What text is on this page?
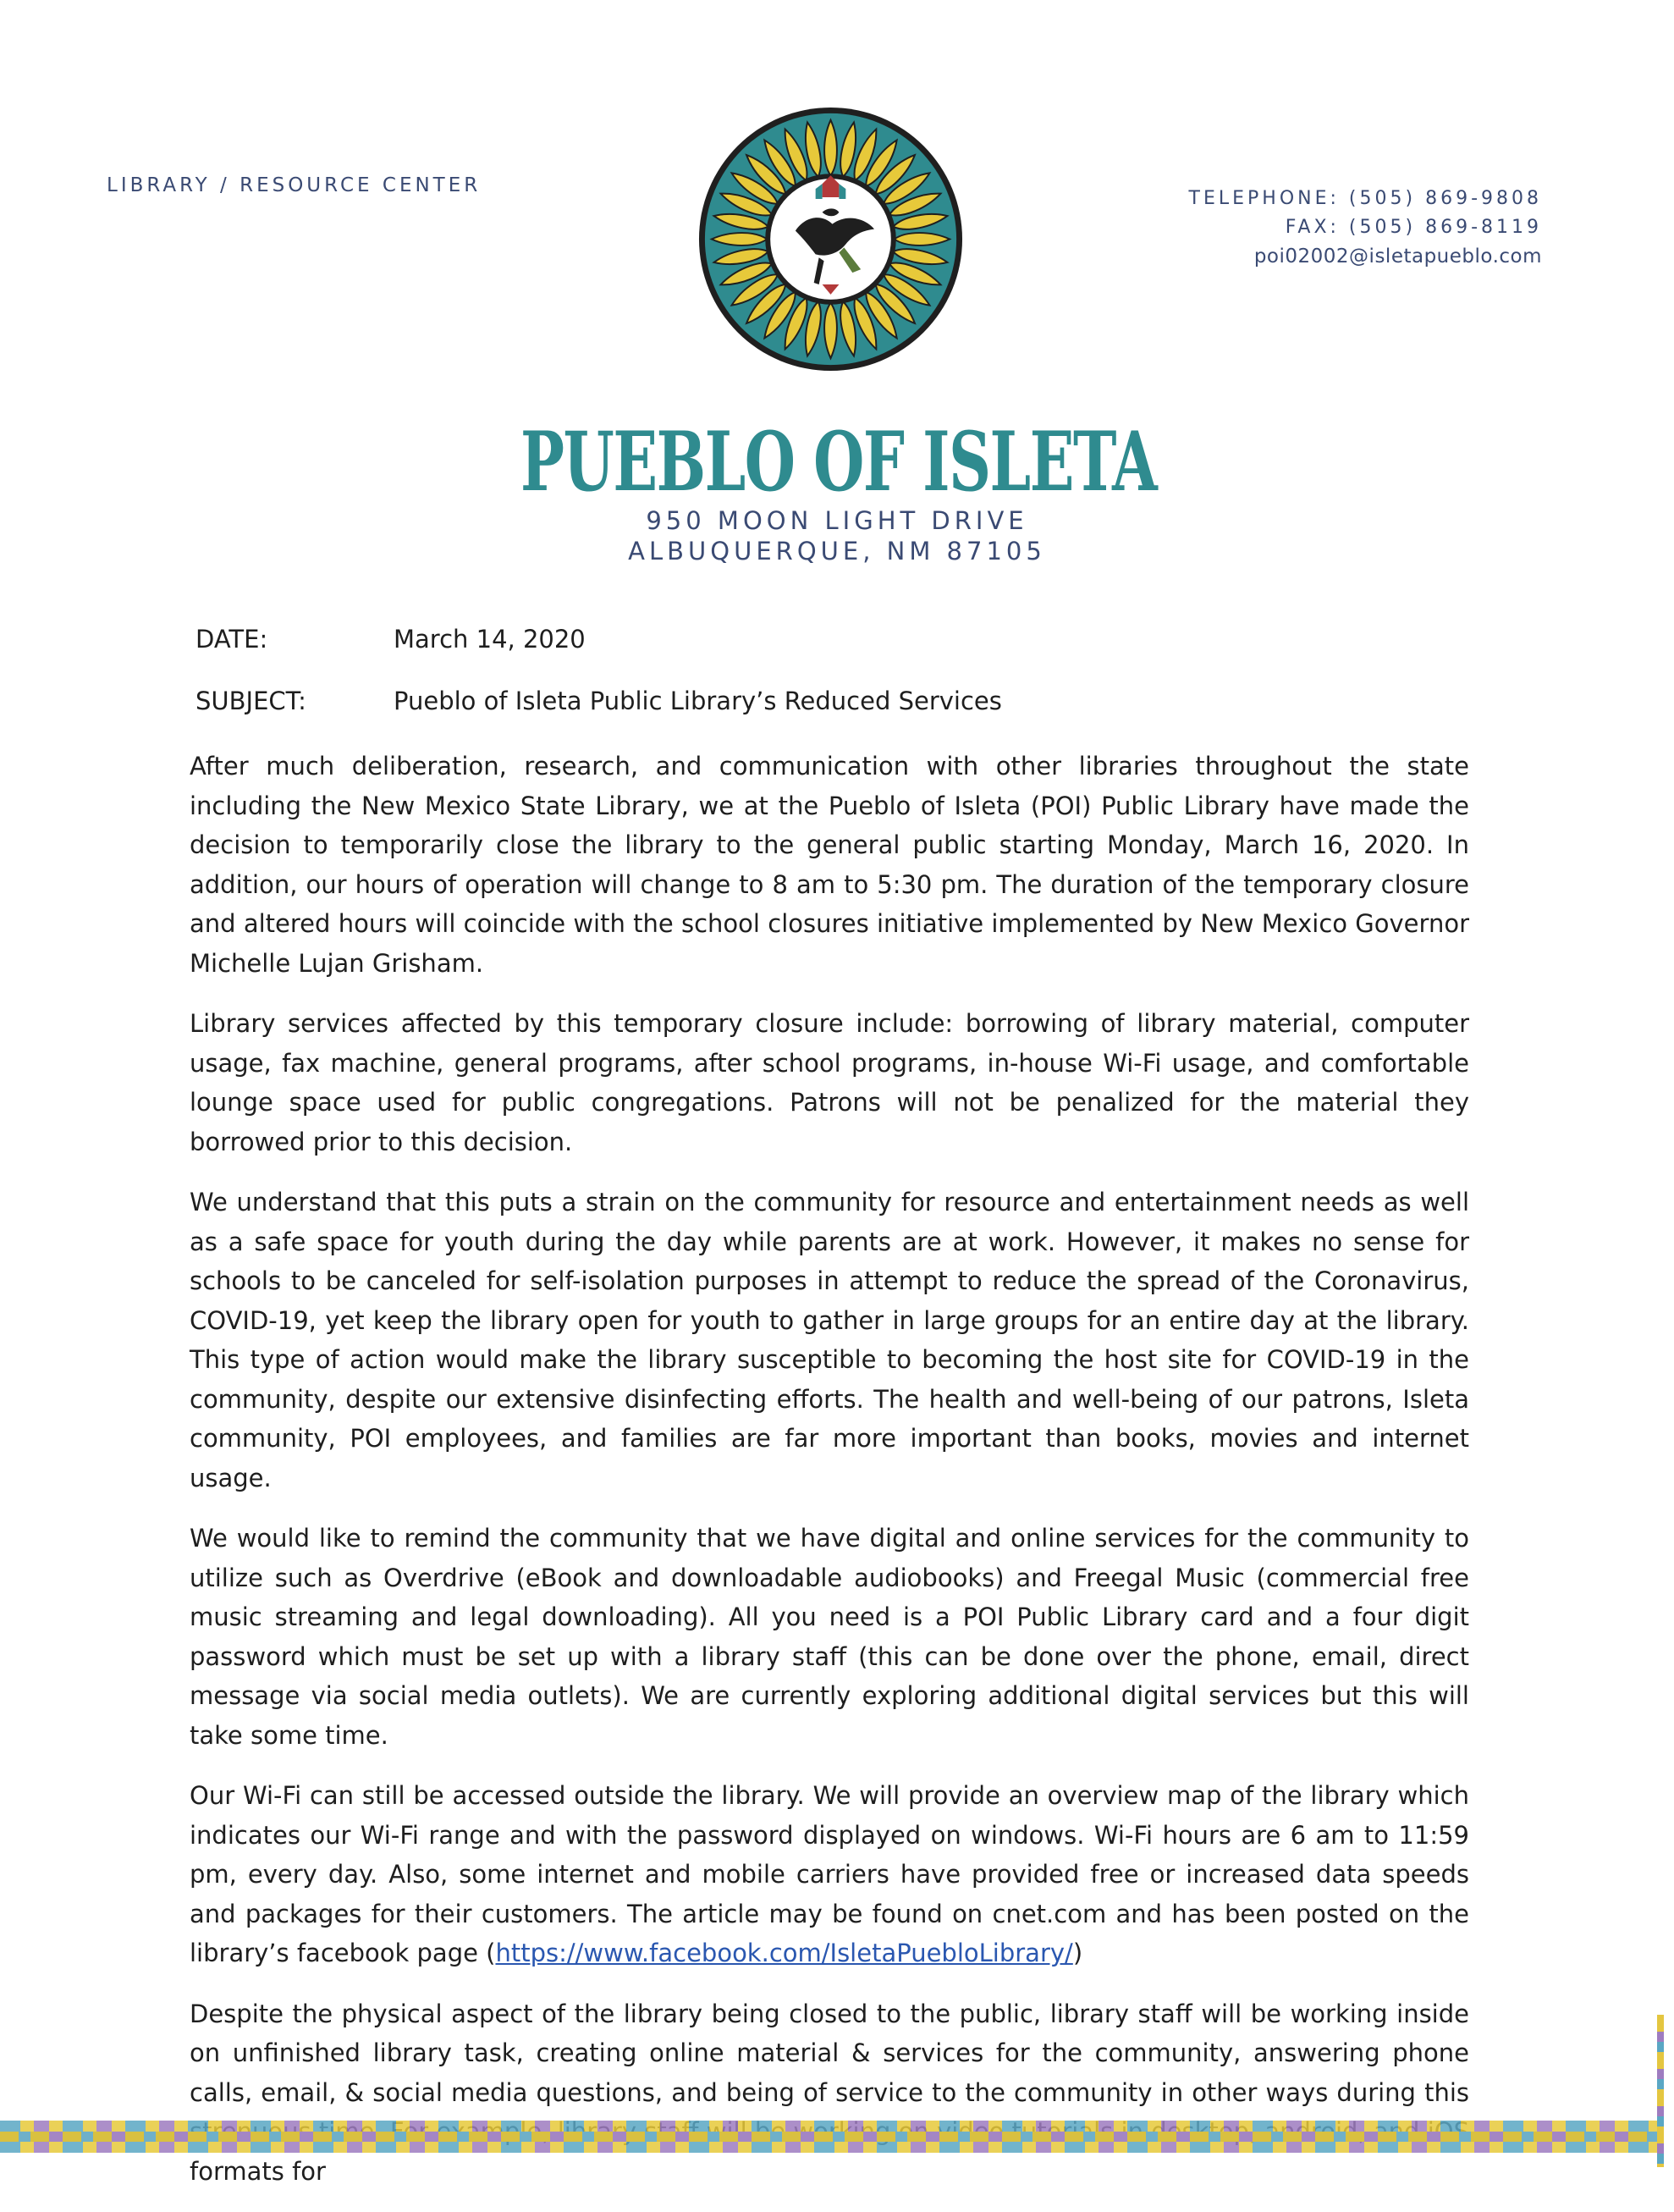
LIBRARY / RESOURCE CENTER
TELEPHONE: (505) 869-9808
FAX: (505) 869-8119
poi02002@isletapueblo.com
PUEBLO OF ISLETA
950 MOON LIGHT DRIVE
ALBUQUERQUE, NM 87105
DATE:	March 14, 2020
SUBJECT:	Pueblo of Isleta Public Library’s Reduced Services

After much deliberation, research, and communication with other libraries throughout the state including the New Mexico State Library, we at the Pueblo of Isleta (POI) Public Library have made the decision to temporarily close the library to the general public starting Monday, March 16, 2020. In addition, our hours of operation will change to 8 am to 5:30 pm. The duration of the temporary closure and altered hours will coincide with the school closures initiative implemented by New Mexico Governor Michelle Lujan Grisham.

Library services affected by this temporary closure include: borrowing of library material, computer usage, fax machine, general programs, after school programs, in-house Wi-Fi usage, and comfortable lounge space used for public congregations. Patrons will not be penalized for the material they borrowed prior to this decision.

We understand that this puts a strain on the community for resource and entertainment needs as well as a safe space for youth during the day while parents are at work. However, it makes no sense for schools to be canceled for self-isolation purposes in attempt to reduce the spread of the Coronavirus, COVID-19, yet keep the library open for youth to gather in large groups for an entire day at the library. This type of action would make the library susceptible to becoming the host site for COVID-19 in the community, despite our extensive disinfecting efforts. The health and well-being of our patrons, Isleta community, POI employees, and families are far more important than books, movies and internet usage.

We would like to remind the community that we have digital and online services for the community to utilize such as Overdrive (eBook and downloadable audiobooks) and Freegal Music (commercial free music streaming and legal downloading). All you need is a POI Public Library card and a four digit password which must be set up with a library staff (this can be done over the phone, email, direct message via social media outlets). We are currently exploring additional digital services but this will take some time.

Our Wi-Fi can still be accessed outside the library. We will provide an overview map of the library which indicates our Wi-Fi range and with the password displayed on windows. Wi-Fi hours are 6 am to 11:59 pm, every day. Also, some internet and mobile carriers have provided free or increased data speeds and packages for their customers. The article may be found on cnet.com and has been posted on the library’s facebook page (https://www.facebook.com/IsletaPuebloLibrary/)

Despite the physical aspect of the library being closed to the public, library staff will be working inside on unfinished library task, creating online material & services for the community, answering phone calls, email, & social media questions, and being of service to the community in other ways during this formats for
